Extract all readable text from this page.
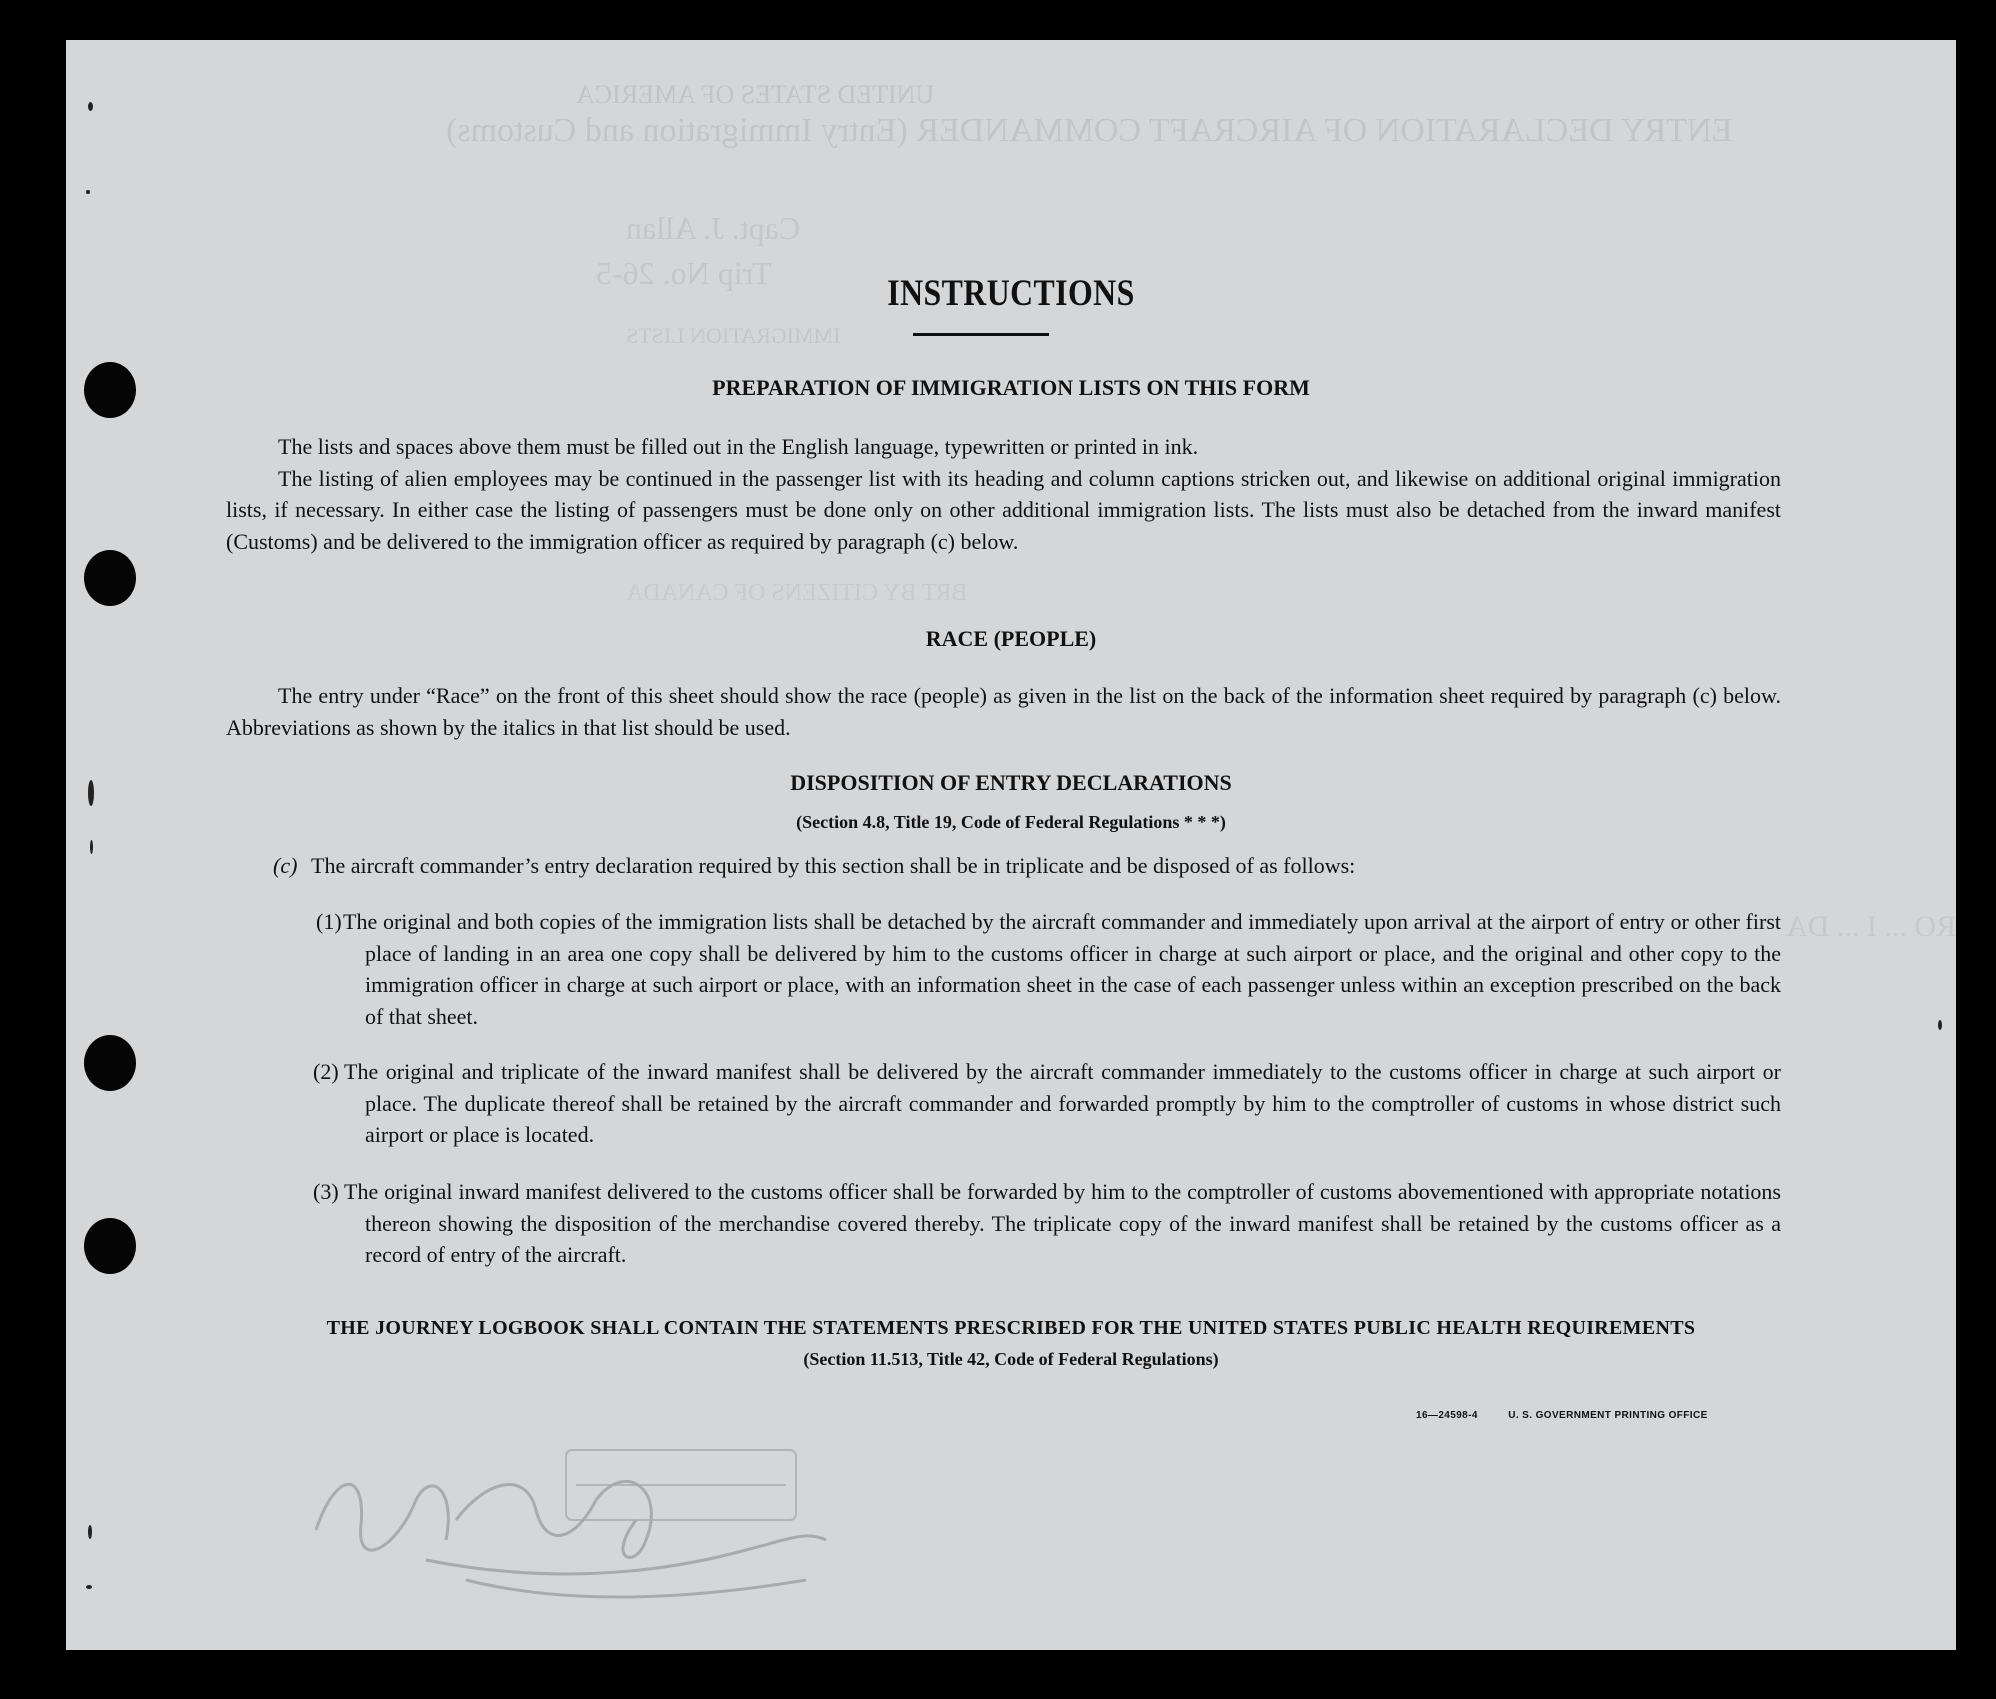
UNITED STATES OF AMERICA
ENTRY DECLARATION OF AIRCRAFT COMMANDER (Entry Immigration and Customs)
Capt. J. Allan
Trip No. 26-5
IMMIGRATION LISTS
BRT BY CITIZENS OF CANADA
RO ... I ... DA
INSTRUCTIONS
PREPARATION OF IMMIGRATION LISTS ON THIS FORM

The lists and spaces above them must be filled out in the English language, typewritten or printed in ink.

The listing of alien employees may be continued in the passenger list with its heading and column captions stricken out, and likewise on additional original immigration lists, if necessary. In either case the listing of passengers must be done only on other additional immigration lists. The lists must also be detached from the inward manifest (Customs) and be delivered to the immigration officer as required by paragraph (c) below.

RACE (PEOPLE)

The entry under “Race” on the front of this sheet should show the race (people) as given in the list on the back of the information sheet required by paragraph (c) below. Abbreviations as shown by the italics in that list should be used.

DISPOSITION OF ENTRY DECLARATIONS
(Section 4.8, Title 19, Code of Federal Regulations * * *)
(c) The aircraft commander’s entry declaration required by this section shall be in triplicate and be disposed of as follows:
(1) The original and both copies of the immigration lists shall be detached by the aircraft commander and immediately upon arrival at the airport of entry or other first place of landing in an area one copy shall be delivered by him to the customs officer in charge at such airport or place, and the original and other copy to the immigration officer in charge at such airport or place, with an information sheet in the case of each passenger unless within an exception prescribed on the back of that sheet.
(2) The original and triplicate of the inward manifest shall be delivered by the aircraft commander immediately to the customs officer in charge at such airport or place. The duplicate thereof shall be retained by the aircraft commander and forwarded promptly by him to the comptroller of customs in whose district such airport or place is located.
(3) The original inward manifest delivered to the customs officer shall be forwarded by him to the comptroller of customs abovementioned with appropriate notations thereon showing the disposition of the merchandise covered thereby. The triplicate copy of the inward manifest shall be retained by the customs officer as a record of entry of the aircraft.
THE JOURNEY LOGBOOK SHALL CONTAIN THE STATEMENTS PRESCRIBED FOR THE UNITED STATES PUBLIC HEALTH REQUIREMENTS
(Section 11.513, Title 42, Code of Federal Regulations)
16—24598-4	U. S. GOVERNMENT PRINTING OFFICE
